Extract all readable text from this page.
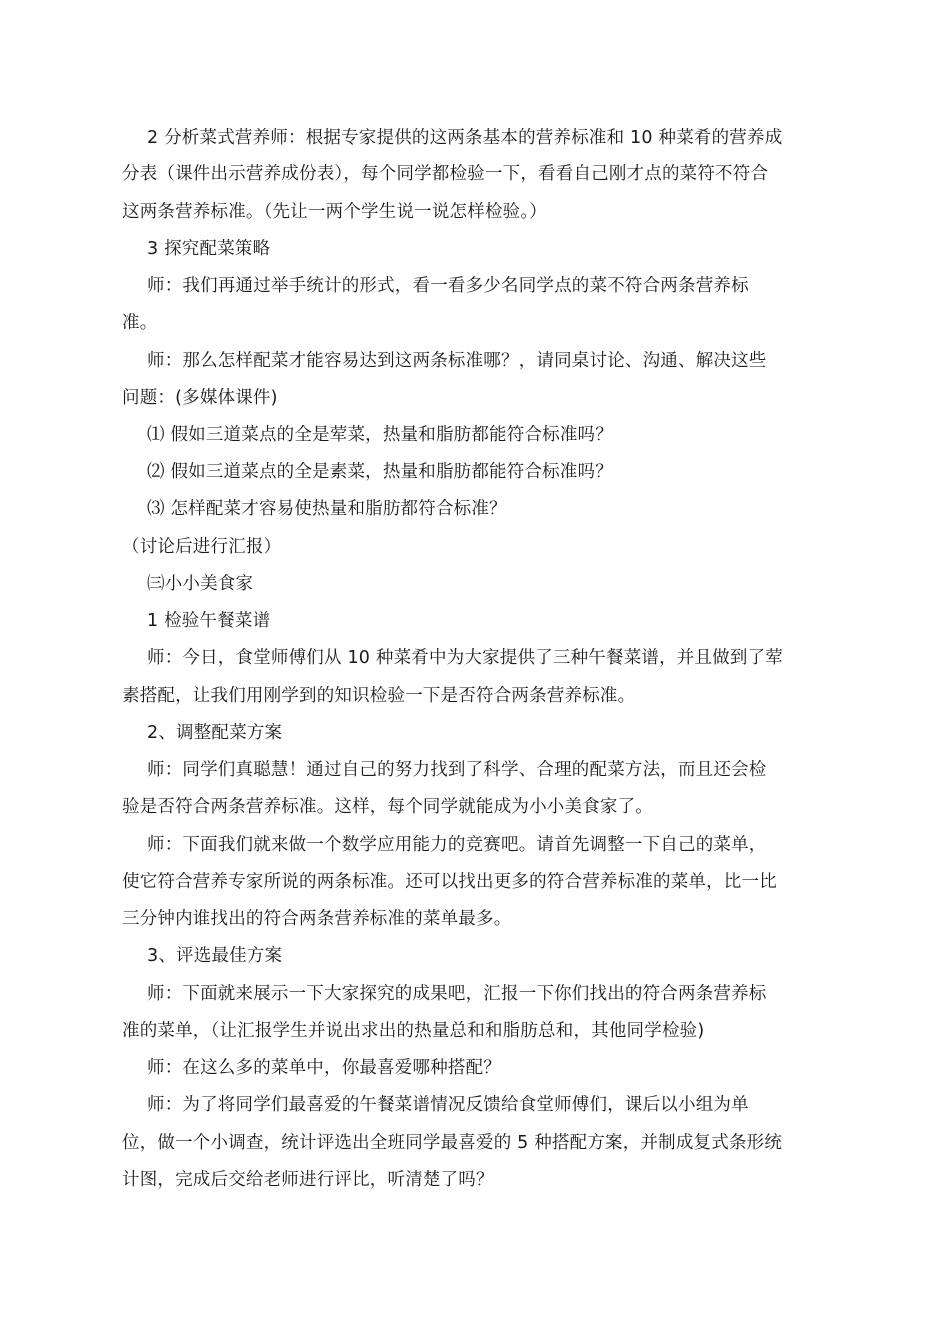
2 分析菜式营养师：根据专家提供的这两条基本的营养标准和 10 种菜肴的营养成
分表（课件出示营养成份表），每个同学都检验一下，看看自己刚才点的菜符不符合
这两条营养标准。（先让一两个学生说一说怎样检验。）
3 探究配菜策略
师：我们再通过举手统计的形式，看一看多少名同学点的菜不符合两条营养标
准。
师：那么怎样配菜才能容易达到这两条标准哪？，请同桌讨论、沟通、解决这些
问题：(多媒体课件)
⑴ 假如三道菜点的全是荤菜，热量和脂肪都能符合标准吗？
⑵ 假如三道菜点的全是素菜，热量和脂肪都能符合标准吗？
⑶ 怎样配菜才容易使热量和脂肪都符合标准？
（讨论后进行汇报）
㈢小小美食家
1 检验午餐菜谱
师：今日，食堂师傅们从 10 种菜肴中为大家提供了三种午餐菜谱，并且做到了荤
素搭配，让我们用刚学到的知识检验一下是否符合两条营养标准。
2、调整配菜方案
师：同学们真聪慧！通过自己的努力找到了科学、合理的配菜方法，而且还会检
验是否符合两条营养标准。这样，每个同学就能成为小小美食家了。
师：下面我们就来做一个数学应用能力的竞赛吧。请首先调整一下自己的菜单，
使它符合营养专家所说的两条标准。还可以找出更多的符合营养标准的菜单，比一比
三分钟内谁找出的符合两条营养标准的菜单最多。
3、评选最佳方案
师：下面就来展示一下大家探究的成果吧，汇报一下你们找出的符合两条营养标
准的菜单，（让汇报学生并说出求出的热量总和和脂肪总和，其他同学检验)
师：在这么多的菜单中，你最喜爱哪种搭配？
师：为了将同学们最喜爱的午餐菜谱情况反馈给食堂师傅们，课后以小组为单
位，做一个小调查，统计评选出全班同学最喜爱的 5 种搭配方案，并制成复式条形统
计图，完成后交给老师进行评比，听清楚了吗？
